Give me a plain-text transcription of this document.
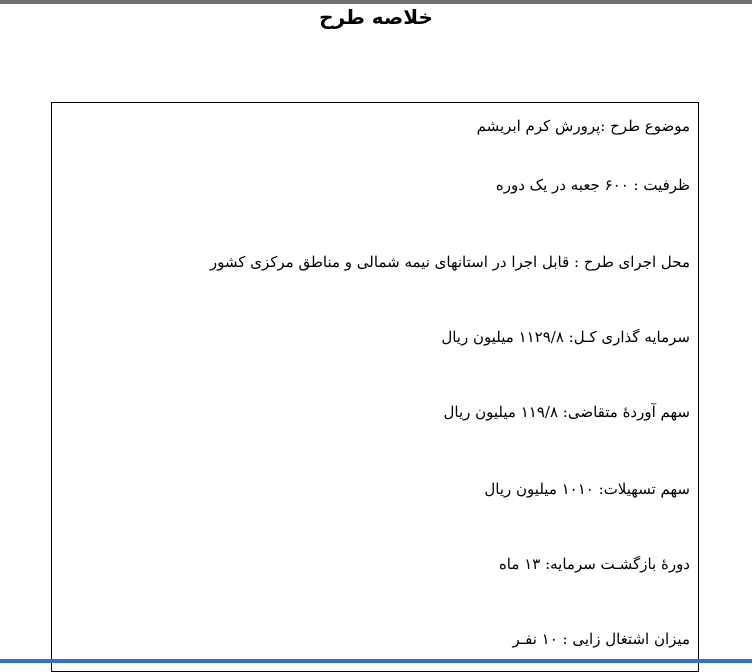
خلاصه طرح
موضوع طرح :پرورش کرم ابریشم
ظرفیت : ۶۰۰ جعبه در یک دوره
محل اجرای طرح : قابل اجرا در استانهای نیمه شمالی و مناطق مرکزی کشور
سرمایه گذاری کـل: ۱۱۲۹/۸ میلیون ریال
سهم آوردهٔ متقاضی: ۱۱۹/۸ میلیون ریال
سهم تسهیلات: ۱۰۱۰ میلیون ریال
دورهٔ بازگشـت سرمایه: ۱۳ ماه
میزان اشتغال زایی : ۱۰ نفـر
